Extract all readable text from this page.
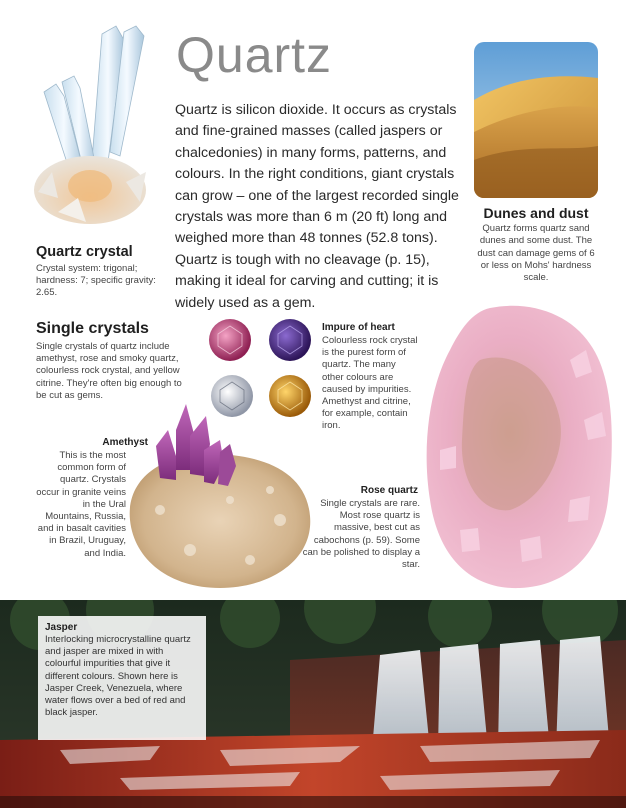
Quartz

Quartz is silicon dioxide. It occurs as crystals and fine-grained masses (called jaspers or chalcedonies) in many forms, patterns, and colours. In the right conditions, giant crystals can grow – one of the largest recorded single crystals was more than 6 m (20 ft) long and weighed more than 48 tonnes (52.8 tons). Quartz is tough with no cleavage (p. 15), making it ideal for carving and cutting; it is widely used as a gem.

Quartz crystal

Crystal system: trigonal; hardness: 7; specific gravity: 2.65.

Dunes and dust

Quartz forms quartz sand dunes and some dust. The dust can damage gems of 6 or less on Mohs' hardness scale.

Single crystals

Single crystals of quartz include amethyst, rose and smoky quartz, colourless rock crystal, and yellow citrine. They're often big enough to be cut as gems.

Impure of heart

Colourless rock crystal is the purest form of quartz. The many other colours are caused by impurities. Amethyst and citrine, for example, contain iron.

Rose quartz

Single crystals are rare. Most rose quartz is massive, best cut as cabochons (p. 59). Some can be polished to display a star.

Amethyst

This is the most common form of quartz. Crystals occur in granite veins in the Ural Mountains, Russia, and in basalt cavities in Brazil, Uruguay, and India.

Jasper

Interlocking microcrystalline quartz and jasper are mixed in with colourful impurities that give it different colours. Shown here is Jasper Creek, Venezuela, where water flows over a bed of red and black jasper.
